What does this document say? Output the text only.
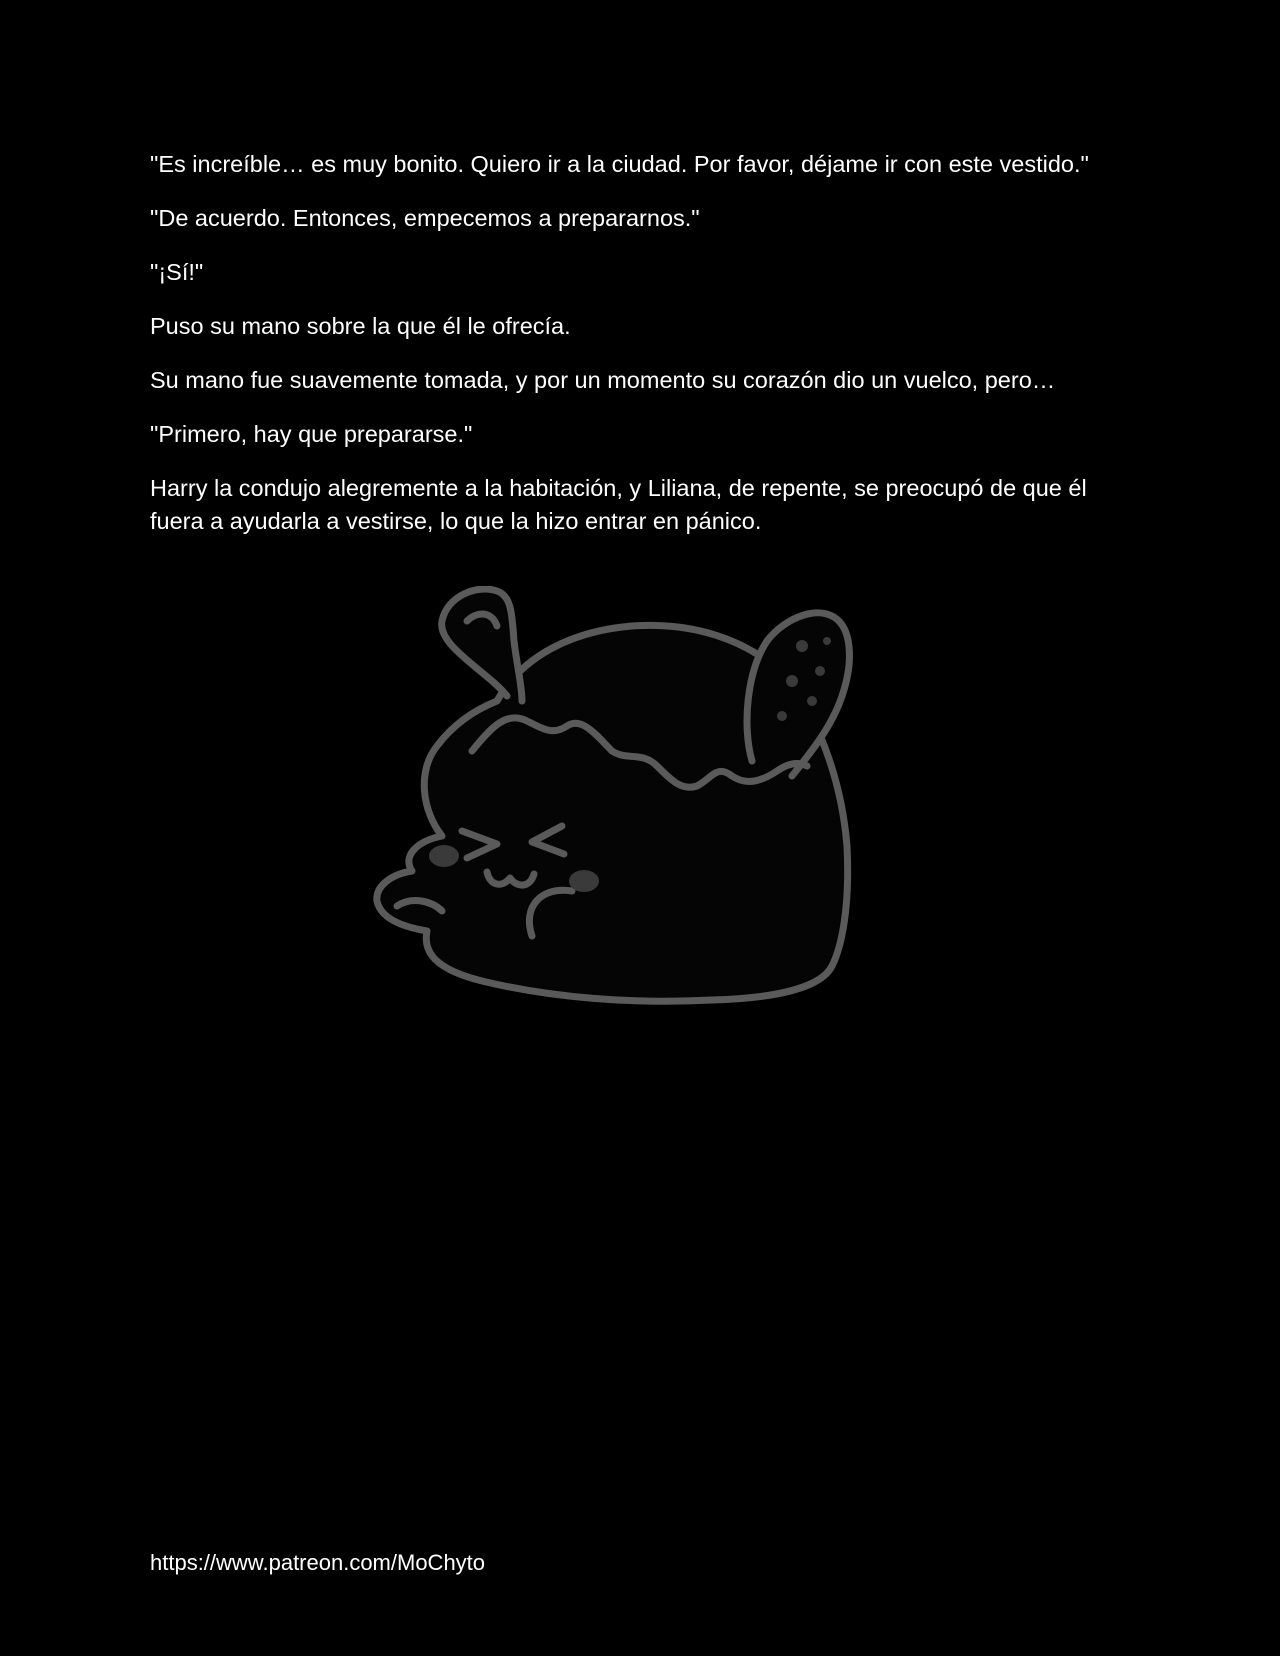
"Es increíble… es muy bonito. Quiero ir a la ciudad. Por favor, déjame ir con este vestido."

"De acuerdo. Entonces, empecemos a prepararnos."

"¡Sí!"

Puso su mano sobre la que él le ofrecía.

Su mano fue suavemente tomada, y por un momento su corazón dio un vuelco, pero…

"Primero, hay que prepararse."

Harry la condujo alegremente a la habitación, y Liliana, de repente, se preocupó de que él fuera a ayudarla a vestirse, lo que la hizo entrar en pánico.

https://www.patreon.com/MoChyto
